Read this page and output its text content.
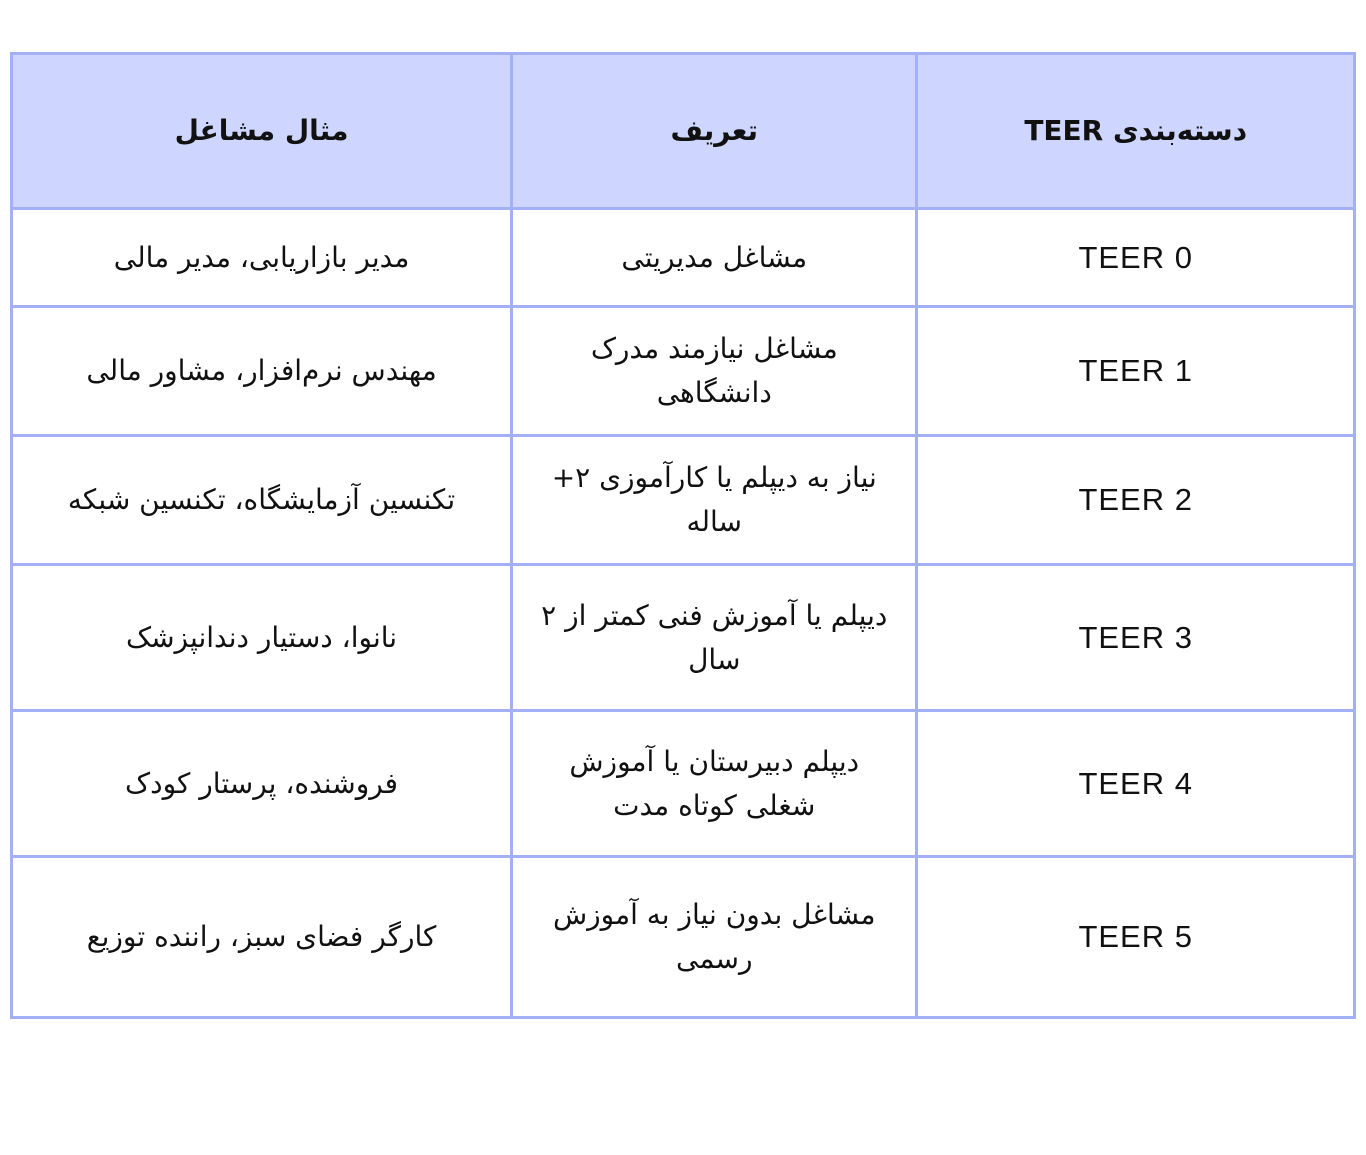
مثال مشاغل	تعریف	دسته‌بندی TEER
مدیر بازاریابی، مدیر مالی	مشاغل مدیریتی	TEER 0
مهندس نرم‌افزار، مشاور مالی	مشاغل نیازمند مدرک دانشگاهی	TEER 1
تکنسین آزمایشگاه، تکنسین شبکه	نیاز به دیپلم یا کارآموزی ۲+ ساله	TEER 2
نانوا، دستیار دندانپزشک	دیپلم یا آموزش فنی کمتر از ۲ سال	TEER 3
فروشنده، پرستار کودک	دیپلم دبیرستان یا آموزش شغلی کوتاه مدت	TEER 4
کارگر فضای سبز، راننده توزیع	مشاغل بدون نیاز به آموزش رسمی	TEER 5
